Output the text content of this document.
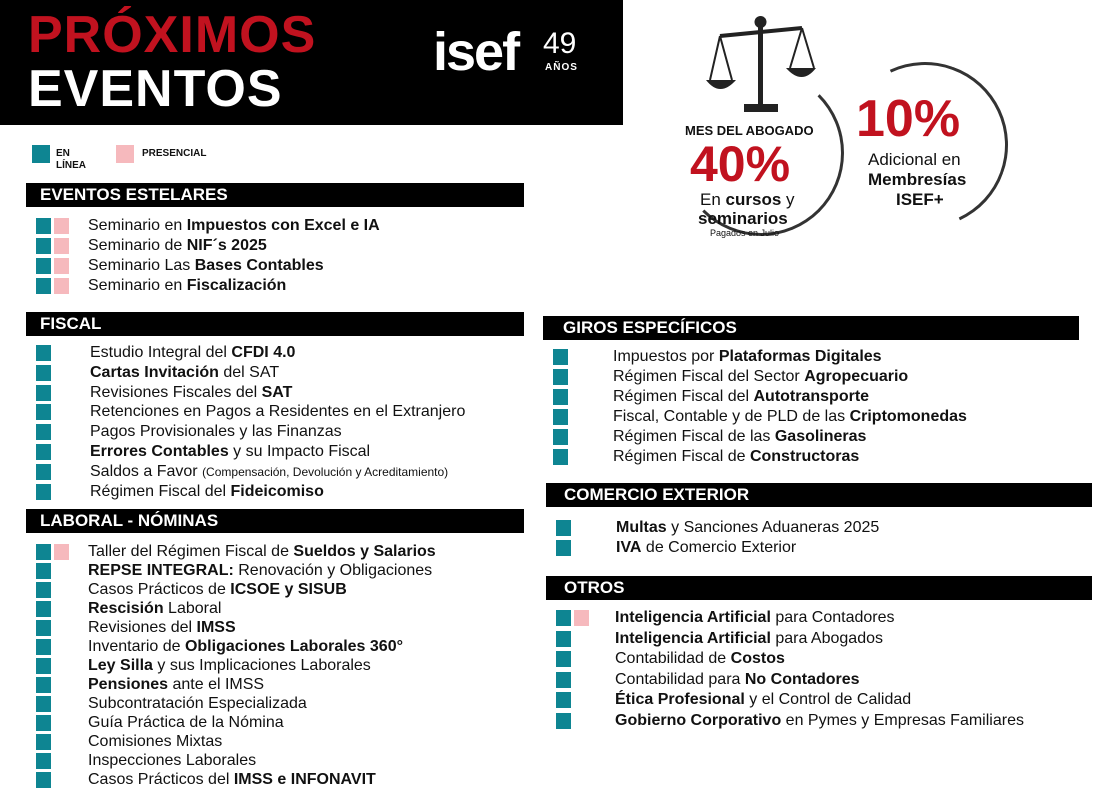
PRÓXIMOS
EVENTOS
isef 49
AÑOS
EN LÍNEA
PRESENCIAL
MES DEL ABOGADO
40%
En cursos y
seminarios
Pagados en Julio
10%
Adicional en
Membresías
ISEF+
EVENTOS ESTELARES
Seminario en Impuestos con Excel e IA
Seminario de NIF´s 2025
Seminario Las Bases Contables
Seminario en Fiscalización
FISCAL
Estudio Integral del CFDI 4.0
Cartas Invitación del SAT
Revisiones Fiscales del SAT
Retenciones en Pagos a Residentes en el Extranjero
Pagos Provisionales y las Finanzas
Errores Contables y su Impacto Fiscal
Saldos a Favor (Compensación, Devolución y Acreditamiento)
Régimen Fiscal del Fideicomiso
LABORAL - NÓMINAS
Taller del Régimen Fiscal de Sueldos y Salarios
REPSE INTEGRAL: Renovación y Obligaciones
Casos Prácticos de ICSOE y SISUB
Rescisión Laboral
Revisiones del IMSS
Inventario de Obligaciones Laborales 360°
Ley Silla y sus Implicaciones Laborales
Pensiones ante el IMSS
Subcontratación Especializada
Guía Práctica de la Nómina
Comisiones Mixtas
Inspecciones Laborales
Casos Prácticos del IMSS e INFONAVIT
GIROS ESPECÍFICOS
Impuestos por Plataformas Digitales
Régimen Fiscal del Sector Agropecuario
Régimen Fiscal del Autotransporte
Fiscal, Contable y de PLD de las Criptomonedas
Régimen Fiscal de las Gasolineras
Régimen Fiscal de Constructoras
COMERCIO EXTERIOR
Multas y Sanciones Aduaneras 2025
IVA de Comercio Exterior
OTROS
Inteligencia Artificial para Contadores
Inteligencia Artificial para Abogados
Contabilidad de Costos
Contabilidad para No Contadores
Ética Profesional y el Control de Calidad
Gobierno Corporativo en Pymes y Empresas Familiares
